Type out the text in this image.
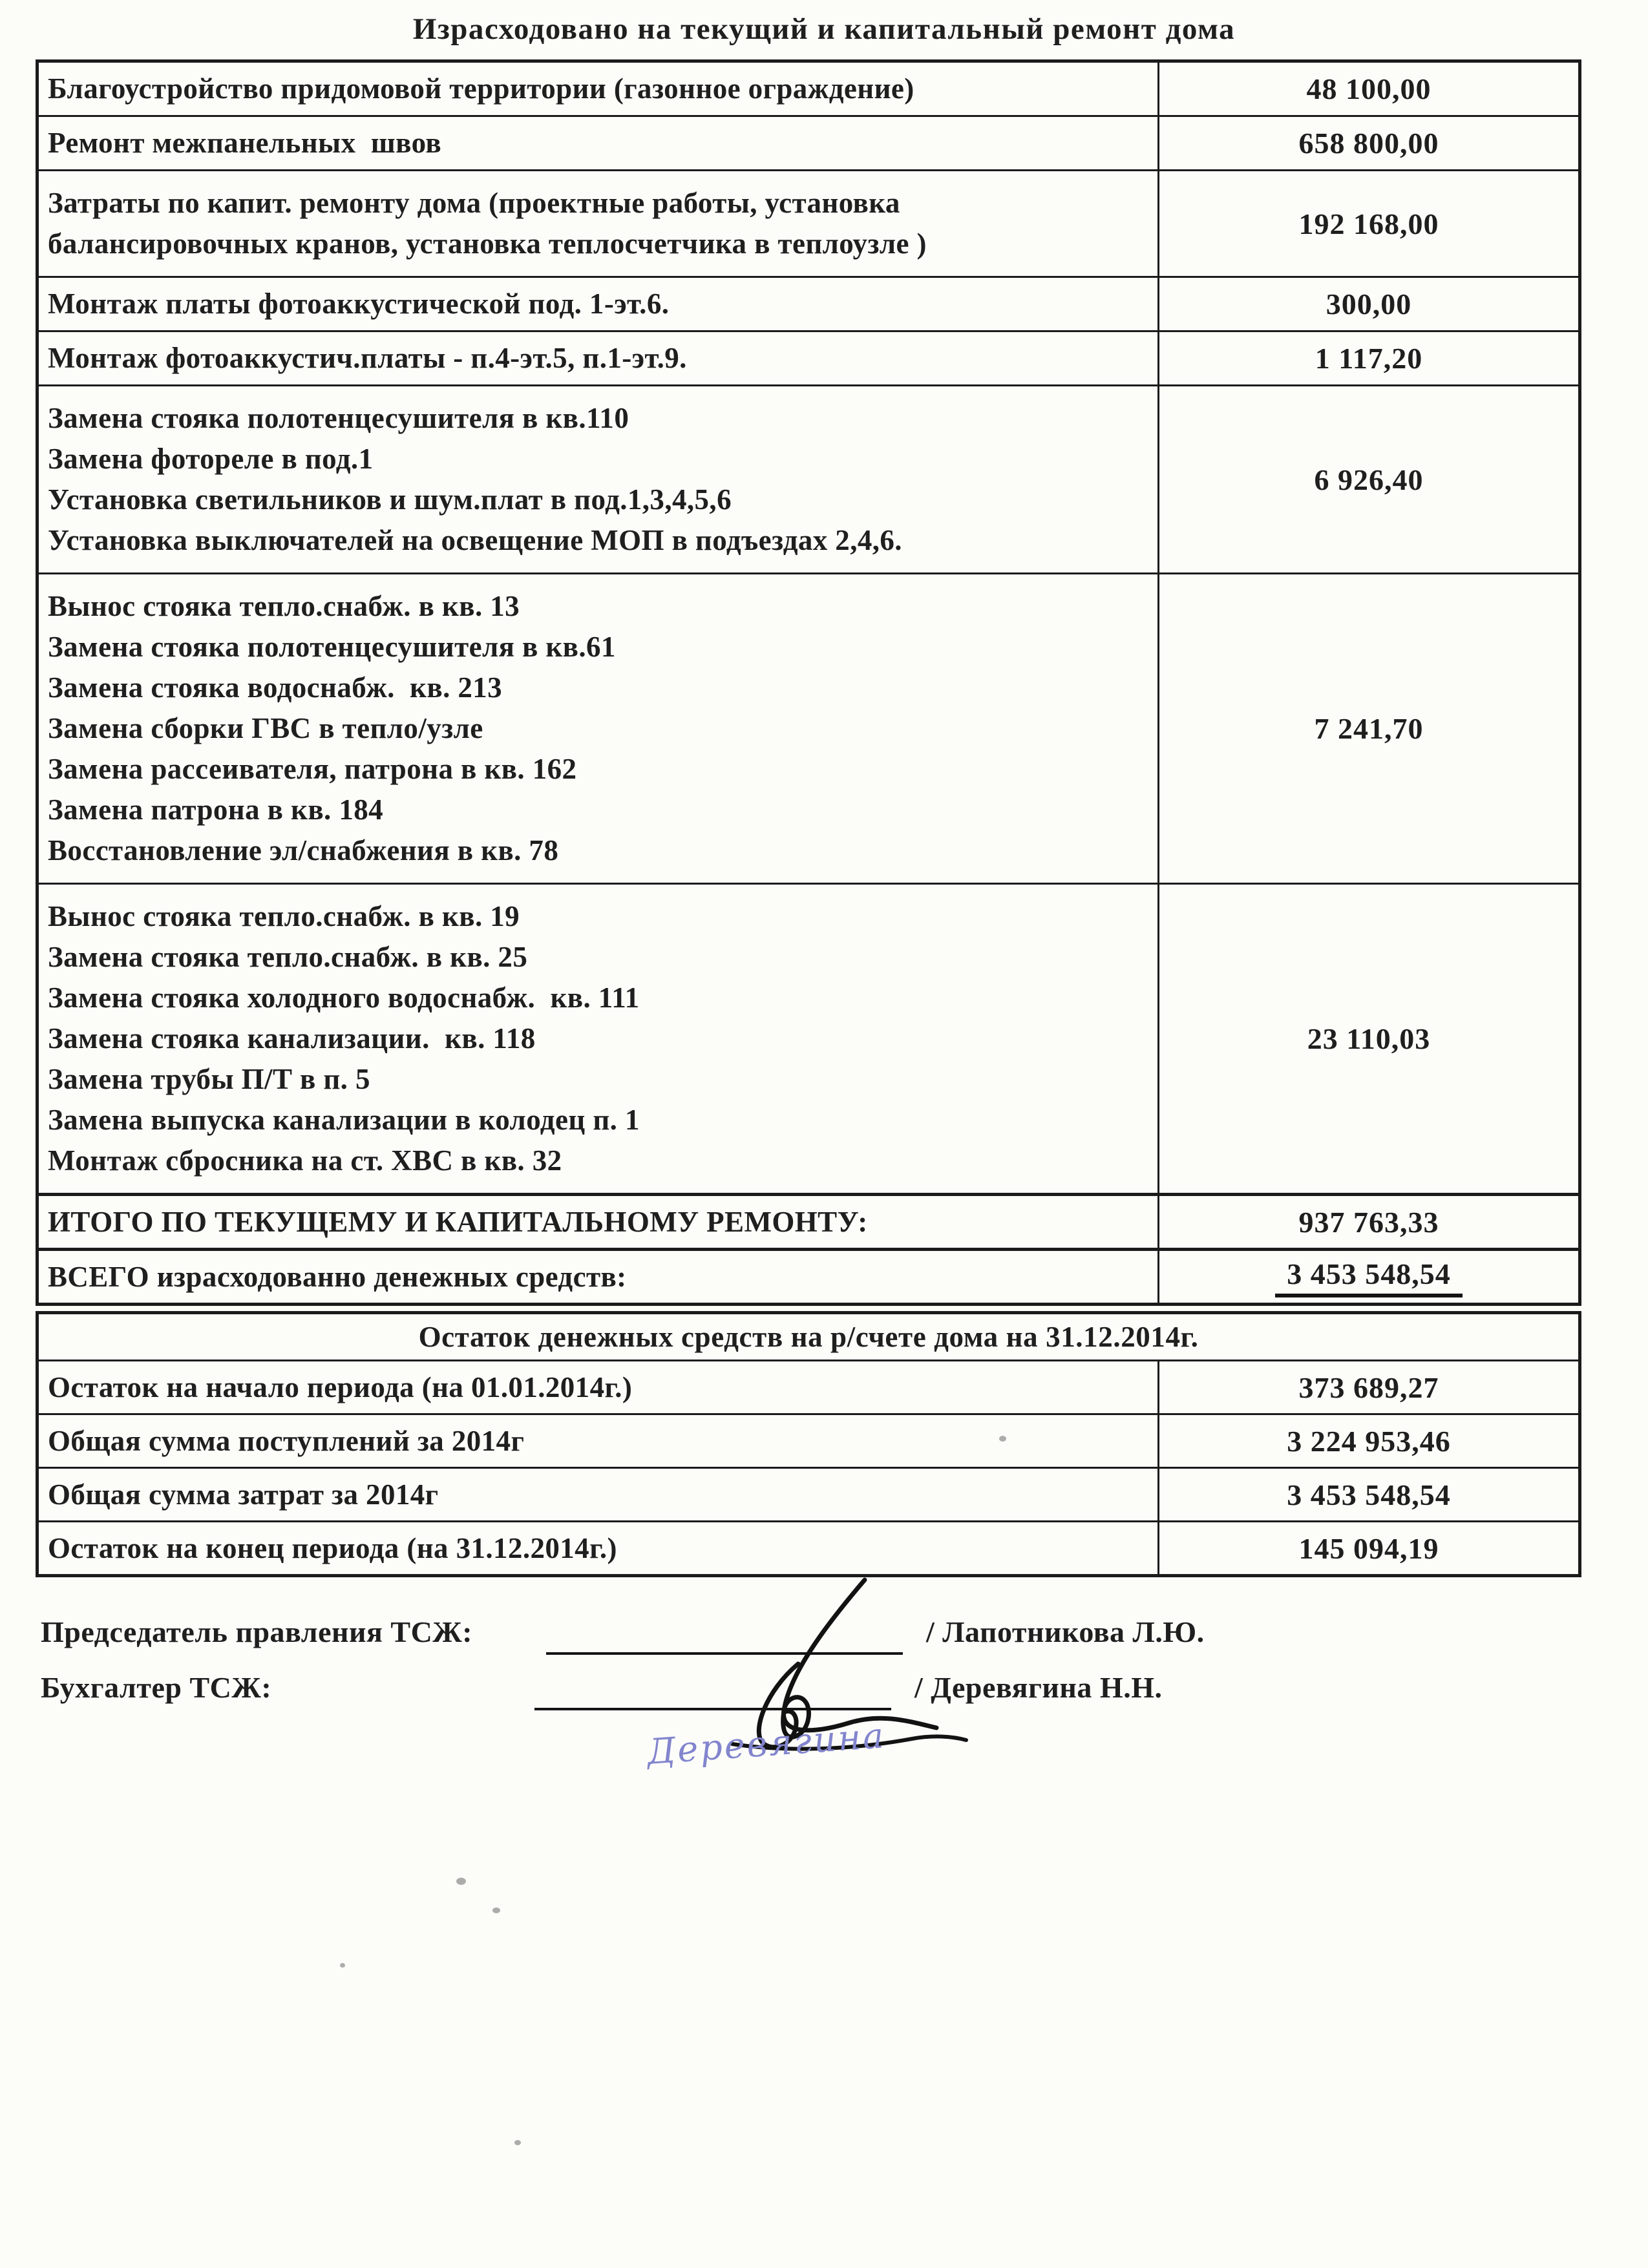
Израсходовано на текущий и капитальный ремонт дома
Благоустройство придомовой территории (газонное ограждение)	48 100,00

Ремонт межпанельных  швов	658 800,00

Затраты по капит. ремонту дома (проектные работы, установка
балансировочных кранов, установка теплосчетчика в теплоузле )	192 168,00

Монтаж платы фотоаккустической под. 1-эт.6.	300,00

Монтаж фотоаккустич.платы - п.4-эт.5, п.1-эт.9.	1 117,20

Замена стояка полотенцесушителя в кв.110
Замена фотореле в под.1
Установка светильников и шум.плат в под.1,3,4,5,6
Установка выключателей на освещение МОП в подъездах 2,4,6.	6 926,40

Вынос стояка тепло.снабж. в кв. 13
Замена стояка полотенцесушителя в кв.61
Замена стояка водоснабж.  кв. 213
Замена сборки ГВС в тепло/узле
Замена рассеивателя, патрона в кв. 162
Замена патрона в кв. 184
Восстановление эл/снабжения в кв. 78
	7 241,70

Вынос стояка тепло.снабж. в кв. 19
Замена стояка тепло.снабж. в кв. 25
Замена стояка холодного водоснабж.  кв. 111
Замена стояка канализации.  кв. 118
Замена трубы П/Т в п. 5
Замена выпуска канализации в колодец п. 1
Монтаж сбросника на ст. ХВС в кв. 32
	23 110,03
ИТОГО ПО ТЕКУЩЕМУ И КАПИТАЛЬНОМУ РЕМОНТУ:	937 763,33
ВСЕГО израсходованно денежных средств:	3 453 548,54
Остаток денежных средств на р/счете дома на 31.12.2014г.	
Остаток на начало периода (на 01.01.2014г.)	373 689,27
Общая сумма поступлений за 2014г	3 224 953,46
Общая сумма затрат за 2014г	3 453 548,54
Остаток на конец периода (на 31.12.2014г.)	145 094,19
Председатель правления ТСЖ:
Бухгалтер ТСЖ:
/ Лапотникова Л.Ю.
/ Деревягина Н.Н.
Деревягина
